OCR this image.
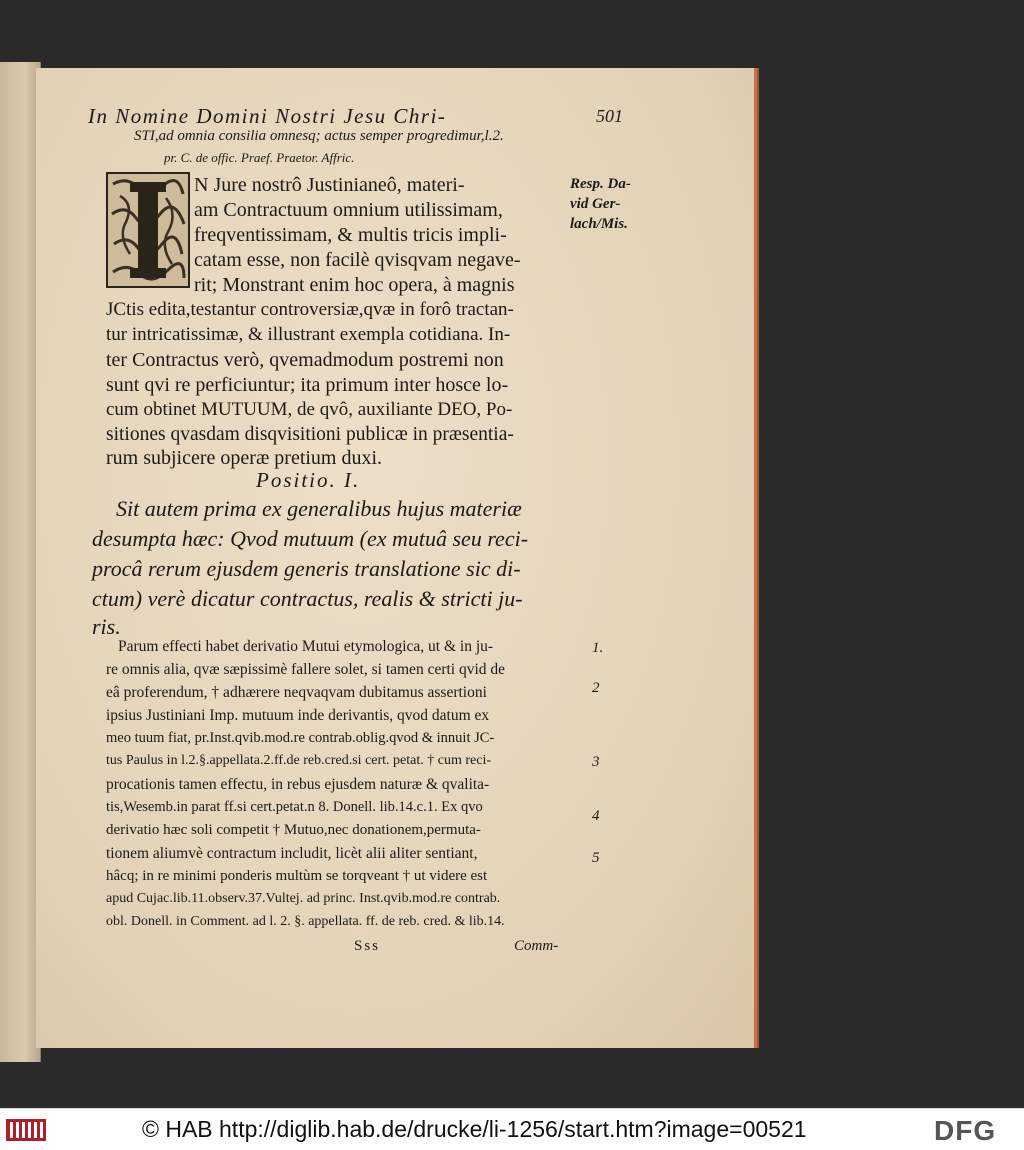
In Nomine Domini Nostri Jesu Chri-	501
STI,ad omnia consilia omnesq; actus semper progredimur,l.2.
pr. C. de offic. Praef. Praetor. Affric.
Resp. Da-
vid Ger-
lach/Mis.
N Jure nostrô Justinianeô, materi-
am Contractuum omnium utilissimam,
freqventissimam, & multis tricis impli-
catam esse, non facilè qvisqvam negave-
rit; Monstrant enim hoc opera, à magnis
JCtis edita,testantur controversiæ,qvæ in forô tractan-
tur intricatissimæ, & illustrant exempla cotidiana. In-
ter Contractus verò, qvemadmodum postremi non
sunt qvi re perficiuntur; ita primum inter hosce lo-
cum obtinet MUTUUM, de qvô, auxiliante DEO, Po-
sitiones qvasdam disqvisitioni publicæ in præsentia-
rum subjicere operæ pretium duxi.
Positio. I.
Sit autem prima ex generalibus hujus materiæ
desumpta hæc: Qvod mutuum (ex mutuâ seu reci-
procâ rerum ejusdem generis translatione sic di-
ctum) verè dicatur contractus, realis & stricti ju-
ris.
Parum effecti habet derivatio Mutui etymologica, ut & in ju-
re omnis alia, qvæ sæpissimè fallere solet, si tamen certi qvid de
eâ proferendum, † adhærere neqvaqvam dubitamus assertioni
ipsius Justiniani Imp. mutuum inde derivantis, qvod datum ex
meo tuum fiat, pr.Inst.qvib.mod.re contrab.oblig.qvod & innuit JC-
tus Paulus in l.2.§.appellata.2.ff.de reb.cred.si cert. petat. † cum reci-
procationis tamen effectu, in rebus ejusdem naturæ & qvalita-
tis,Wesemb.in parat ff.si cert.petat.n 8. Donell. lib.14.c.1. Ex qvo
derivatio hæc soli competit † Mutuo,nec donationem,permuta-
tionem aliumvè contractum includit, licèt alii aliter sentiant,
hâcq; in re minimi ponderis multùm se torqveant † ut videre est
apud Cujac.lib.11.observ.37.Vultej. ad princ. Inst.qvib.mod.re contrab.
obl. Donell. in Comment. ad l. 2. §. appellata. ff. de reb. cred. & lib.14.
1.
2
3
4
5
Sss	Comm-
© HAB http://diglib.hab.de/drucke/li-1256/start.htm?image=00521	DFG
